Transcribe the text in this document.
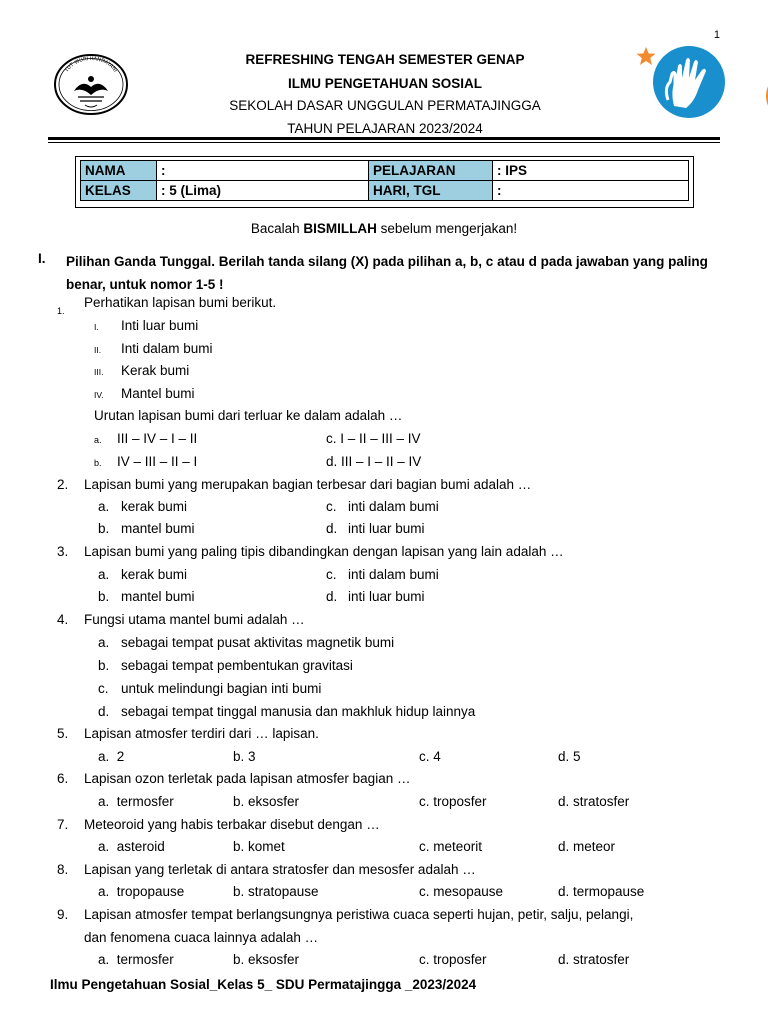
1
TUT WURI HANDAYANI
REFRESHING TENGAH SEMESTER GENAP
ILMU PENGETAHUAN SOSIAL
SEKOLAH DASAR UNGGULAN PERMATAJINGGA
TAHUN PELAJARAN 2023/2024
NAMA	:	PELAJARAN	: IPS
KELAS	: 5 (Lima)	HARI, TGL	:
Bacalah BISMILLAH sebelum mengerjakan!
I. Pilihan Ganda Tunggal. Berilah tanda silang (X) pada pilihan a, b, c atau d pada jawaban yang paling benar, untuk nomor 1-5 !
1.
Perhatikan lapisan bumi berikut.
I. Inti luar bumi
II. Inti dalam bumi
III. Kerak bumi
IV. Mantel bumi
Urutan lapisan bumi dari terluar ke dalam adalah …
a. III – IV – I – II	c. I – II – III – IV
b. IV – III – II – I	d. III – I – II – IV
2. Lapisan bumi yang merupakan bagian terbesar dari bagian bumi adalah …
a. kerak bumi	c. inti dalam bumi
b. mantel bumi	d. inti luar bumi
3. Lapisan bumi yang paling tipis dibandingkan dengan lapisan yang lain adalah …
a. kerak bumi	c. inti dalam bumi
b. mantel bumi	d. inti luar bumi
4. Fungsi utama mantel bumi adalah …
a. sebagai tempat pusat aktivitas magnetik bumi
b. sebagai tempat pembentukan gravitasi
c. untuk melindungi bagian inti bumi
d. sebagai tempat tinggal manusia dan makhluk hidup lainnya
5. Lapisan atmosfer terdiri dari … lapisan.
a.  2	b. 3	c. 4	d. 5
6. Lapisan ozon terletak pada lapisan atmosfer bagian …
a.  termosfer	b. eksosfer	c. troposfer	d. stratosfer
7. Meteoroid yang habis terbakar disebut dengan …
a.  asteroid	b. komet	c. meteorit	d. meteor
8. Lapisan yang terletak di antara stratosfer dan mesosfer adalah …
a.  tropopause	b. stratopause	c. mesopause	d. termopause
9. Lapisan atmosfer tempat berlangsungnya peristiwa cuaca seperti hujan, petir, salju, pelangi,
dan fenomena cuaca lainnya adalah …
a.  termosfer	b. eksosfer	c. troposfer	d. stratosfer
Ilmu Pengetahuan Sosial_Kelas 5_ SDU Permatajingga _2023/2024
